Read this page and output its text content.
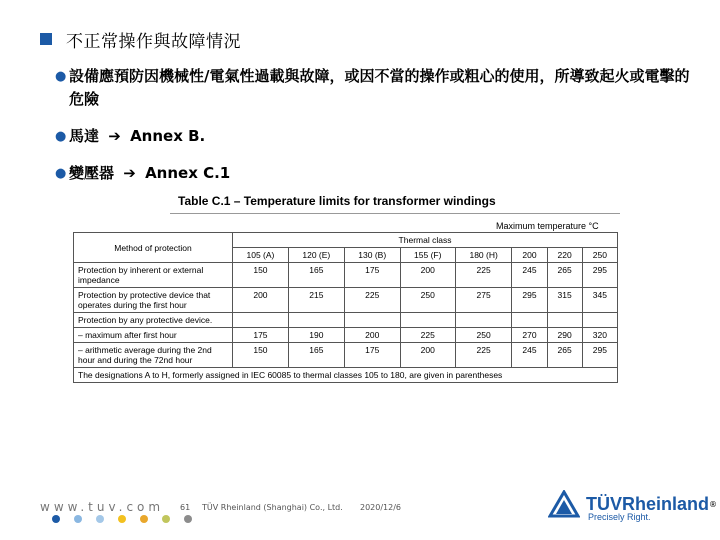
不正常操作與故障情況
● 設備應預防因機械性/電氣性過載與故障，或因不當的操作或粗心的使用，所導致起火或電擊的危險
● 馬達 ➔ Annex B.
● 變壓器 ➔ Annex C.1
Table C.1 – Temperature limits for transformer windings
Maximum temperature °C
Method of protection	Thermal class							
	105 (A)	120 (E)	130 (B)	155 (F)	180 (H)	200	220	250
Protection by inherent or external impedance	150	165	175	200	225	245	265	295
Protection by protective device that operates during the first hour	200	215	225	250	275	295	315	345
Protection by any protective device.								
– maximum after first hour	175	190	200	225	250	270	290	320
– arithmetic average during the 2nd hour and during the 72nd hour	150	165	175	200	225	245	265	295
The designations A to H, formerly assigned in IEC 60085 to thermal classes 105 to 180, are given in parentheses								
www.tuv.com 61 TÜV Rheinland (Shanghai) Co., Ltd. 2020/12/6	TÜVRheinland ®
Precisely Right.
